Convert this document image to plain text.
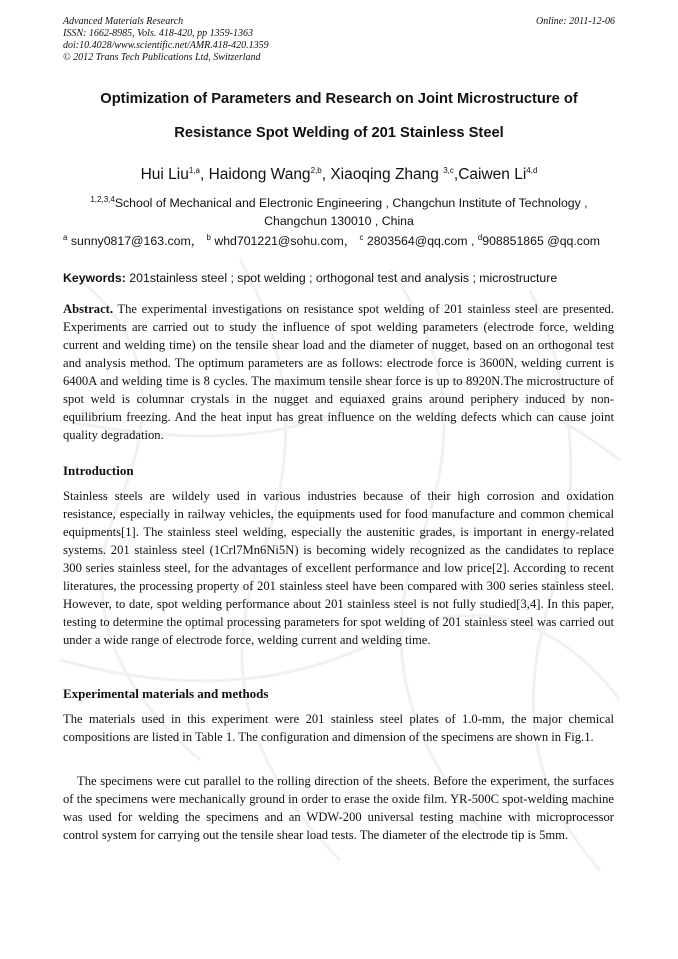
Advanced Materials Research
ISSN: 1662-8985, Vols. 418-420, pp 1359-1363
doi:10.4028/www.scientific.net/AMR.418-420.1359
© 2012 Trans Tech Publications Ltd, Switzerland
Online: 2011-12-06
Optimization of Parameters and Research on Joint Microstructure of
Resistance Spot Welding of 201 Stainless Steel
Hui Liu$^{1,a}$, Haidong Wang$^{2,b}$, Xiaoqing Zhang $^{3,c}$,Caiwen Li$^{4,d}$
$^{1,2,3,4}$School of Mechanical and Electronic Engineering , Changchun Institute of Technology ,
Changchun 130010 , China
$^a$ sunny0817@163.com， $^b$ whd701221@sohu.com， $^c$ 2803564@qq.com , $^d$908851865 @qq.com
Keywords: 201stainless steel ; spot welding ; orthogonal test and analysis ; microstructure
Abstract. The experimental investigations on resistance spot welding of 201 stainless steel are presented. Experiments are carried out to study the influence of spot welding parameters (electrode force, welding current and welding time) on the tensile shear load and the diameter of nugget, based on an orthogonal test and analysis method. The optimum parameters are as follows: electrode force is 3600N, welding current is 6400A and welding time is 8 cycles. The maximum tensile shear force is up to 8920N.The microstructure of spot weld is columnar crystals in the nugget and equiaxed grains around periphery induced by non-equilibrium freezing. And the heat input has great influence on the welding defects which can cause joint quality degradation.
Introduction
Stainless steels are wildely used in various industries because of their high corrosion and oxidation resistance, especially in railway vehicles, the equipments used for food manufacture and common chemical equipments[1]. The stainless steel welding, especially the austenitic grades, is important in energy-related systems. 201 stainless steel (1Crl7Mn6Ni5N) is becoming widely recognized as the candidates to replace 300 series stainless steel, for the advantages of excellent performance and low price[2]. According to recent literatures, the processing property of 201 stainless steel have been compared with 300 series stainless steel. However, to date, spot welding performance about 201 stainless steel is not fully studied[3,4]. In this paper, testing to determine the optimal processing parameters for spot welding of 201 stainless steel was carried out under a wide range of electrode force, welding current and welding time.
Experimental materials and methods
The materials used in this experiment were 201 stainless steel plates of 1.0-mm, the major chemical compositions are listed in Table 1. The configuration and dimension of the specimens are shown in Fig.1.
The specimens were cut parallel to the rolling direction of the sheets. Before the experiment, the surfaces of the specimens were mechanically ground in order to erase the oxide film. YR-500C spot-welding machine was used for welding the specimens and an WDW-200 universal testing machine with microprocessor control system for carrying out the tensile shear load tests. The diameter of the electrode tip is 5mm.
